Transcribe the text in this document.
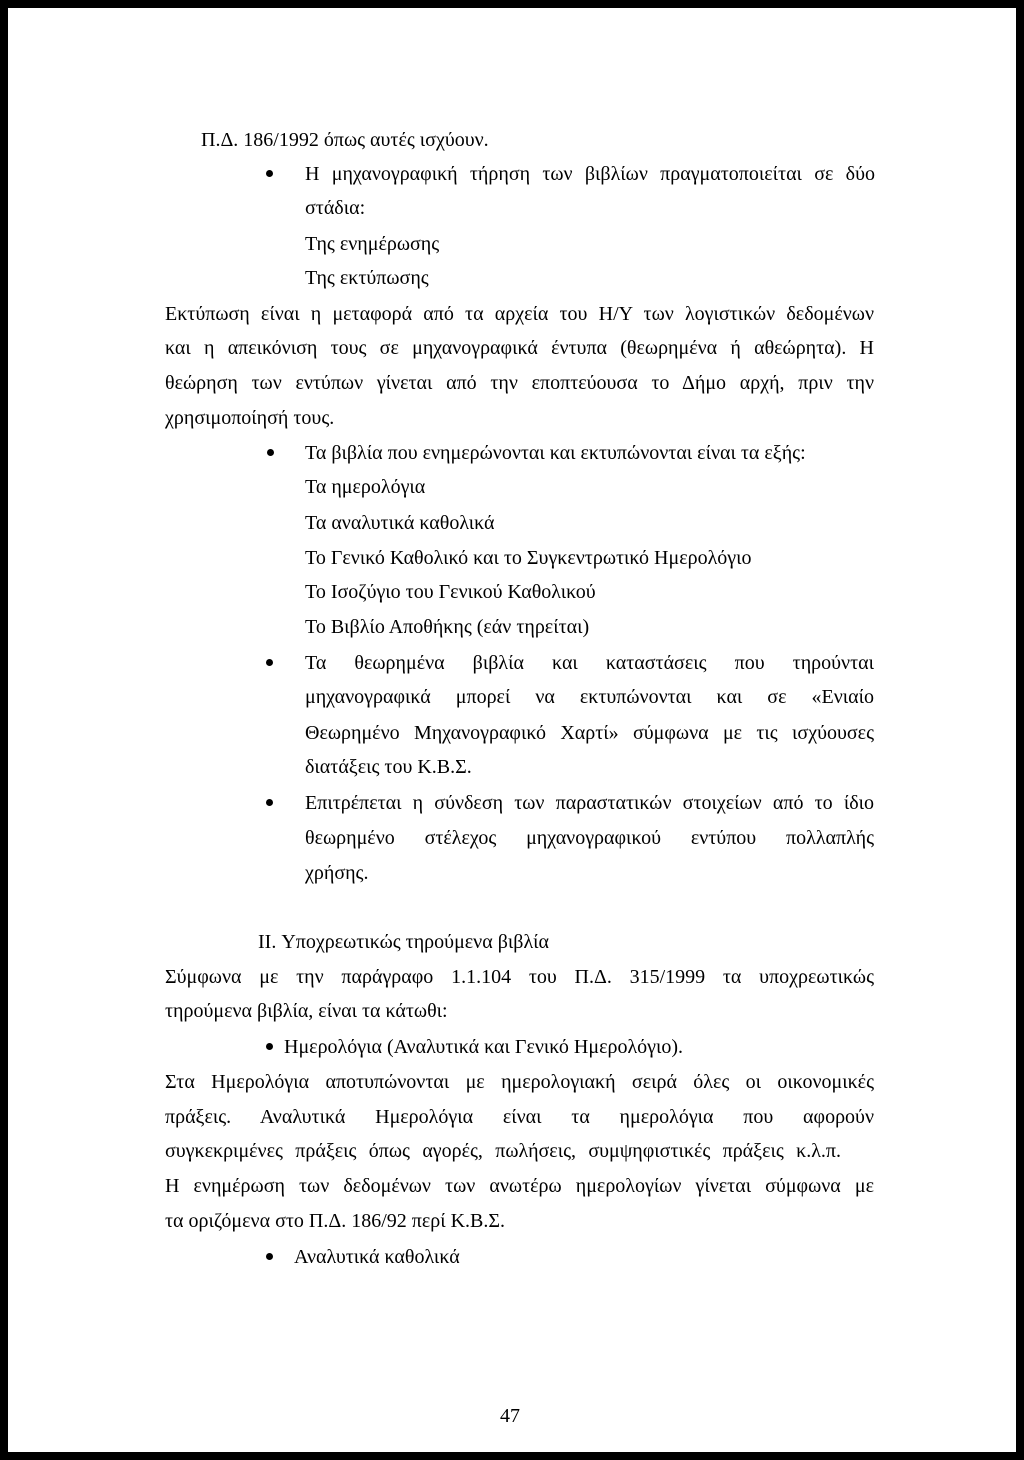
Π.Δ. 186/1992 όπως αυτές ισχύουν.
Η μηχανογραφική τήρηση των βιβλίων πραγματοποιείται σε δύο
στάδια:
Της ενημέρωσης
Της εκτύπωσης
Εκτύπωση είναι η μεταφορά από τα αρχεία του Η/Υ των λογιστικών δεδομένων
και η απεικόνιση τους σε μηχανογραφικά έντυπα (θεωρημένα ή αθεώρητα). Η
θεώρηση των εντύπων γίνεται από την εποπτεύουσα το Δήμο αρχή, πριν την
χρησιμοποίησή τους.
Τα βιβλία που ενημερώνονται και εκτυπώνονται είναι τα εξής:
Τα ημερολόγια
Τα αναλυτικά καθολικά
Το Γενικό Καθολικό και το Συγκεντρωτικό Ημερολόγιο
Το Ισοζύγιο του Γενικού Καθολικού
Το Βιβλίο Αποθήκης (εάν τηρείται)
Τα θεωρημένα βιβλία και καταστάσεις που τηρούνται
μηχανογραφικά μπορεί να εκτυπώνονται και σε «Ενιαίο
Θεωρημένο Μηχανογραφικό Χαρτί» σύμφωνα με τις ισχύουσες
διατάξεις του Κ.Β.Σ.
Επιτρέπεται η σύνδεση των παραστατικών στοιχείων από το ίδιο
θεωρημένο στέλεχος μηχανογραφικού εντύπου πολλαπλής
χρήσης.
II. Υποχρεωτικώς τηρούμενα βιβλία
Σύμφωνα με την παράγραφο 1.1.104 του Π.Δ. 315/1999 τα υποχρεωτικώς
τηρούμενα βιβλία, είναι τα κάτωθι:
Ημερολόγια (Αναλυτικά και Γενικό Ημερολόγιο).
Στα Ημερολόγια αποτυπώνονται με ημερολογιακή σειρά όλες οι οικονομικές
πράξεις. Αναλυτικά Ημερολόγια είναι τα ημερολόγια που αφορούν
συγκεκριμένες πράξεις όπως αγορές, πωλήσεις, συμψηφιστικές πράξεις κ.λ.π.
Η ενημέρωση των δεδομένων των ανωτέρω ημερολογίων γίνεται σύμφωνα με
τα οριζόμενα στο Π.Δ. 186/92 περί Κ.Β.Σ.
Αναλυτικά καθολικά
47
